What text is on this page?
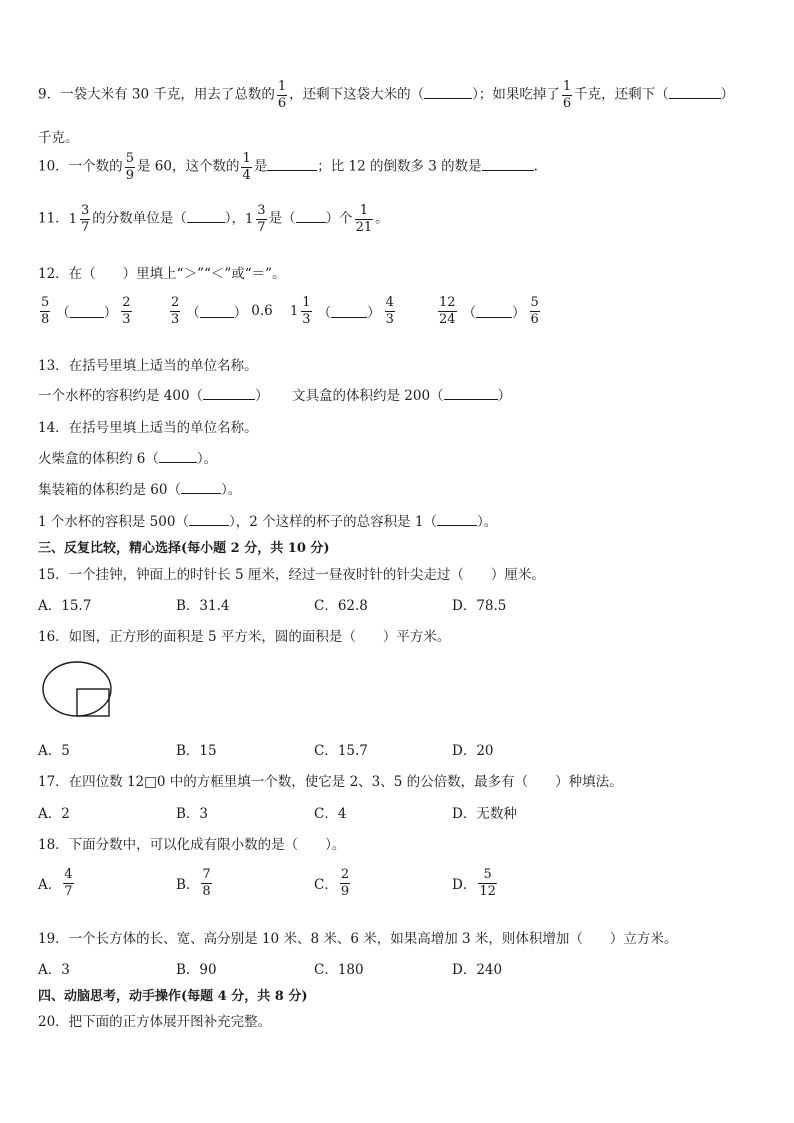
9．一袋大米有 30 千克，用去了总数的 $\frac{1}{6}$ ，还剩下这袋大米的（	）；如果吃掉了 $\frac{1}{6}$ 千克，还剩下（	）
千克。
10．一个数的 $\frac{5}{9}$ 是 60，这个数的 $\frac{1}{4}$ 是	；比 12 的倒数多 3 的数是	.
11． $1 \frac{3}{7}$ 的分数单位是（	）， $1 \frac{3}{7}$ 是（ ）个 $\frac{1}{21}$ 。
12．在（　　）里填上“＞”“＜”或“＝”。
$\frac{5}{8}$ （	） $\frac{2}{3}$	$\frac{2}{3}$ （	） 0.6 $1 \frac{1}{3}$ （	） $\frac{4}{3}$	$\frac{12}{24}$ （	） $\frac{5}{6}$
13．在括号里填上适当的单位名称。
一个水杯的容积约是 400（	） 文具盒的体积约是 200（	）
14．在括号里填上适当的单位名称。
火柴盒的体积约 6（	）。
集装箱的体积约是 60（	）。
1 个水杯的容积是 500（	），2 个这样的杯子的总容积是 1（	）。
三、反复比较，精心选择(每小题 2 分，共 10 分)
15．一个挂钟，钟面上的时针长 5 厘米，经过一昼夜时针的针尖走过（　　）厘米。
A．15.7	B．31.4	C．62.8	D．78.5
16．如图，正方形的面积是 5 平方米，圆的面积是（　　）平方米。
A．5	B．15	C．15.7	D．20
17．在四位数 12□0 中的方框里填一个数，使它是 2、3、5 的公倍数，最多有（　　）种填法。
A．2	B．3	C．4	D．无数种
18．下面分数中，可以化成有限小数的是（　　）。
A． $\frac{4}{7}$	B． $\frac{7}{8}$	C． $\frac{2}{9}$	D． $\frac{5}{12}$
19．一个长方体的长、宽、高分别是 10 米、8 米、6 米，如果高增加 3 米，则体积增加（　　）立方米。
A．3	B．90	C．180	D．240
四、动脑思考，动手操作(每题 4 分，共 8 分)
20．把下面的正方体展开图补充完整。
